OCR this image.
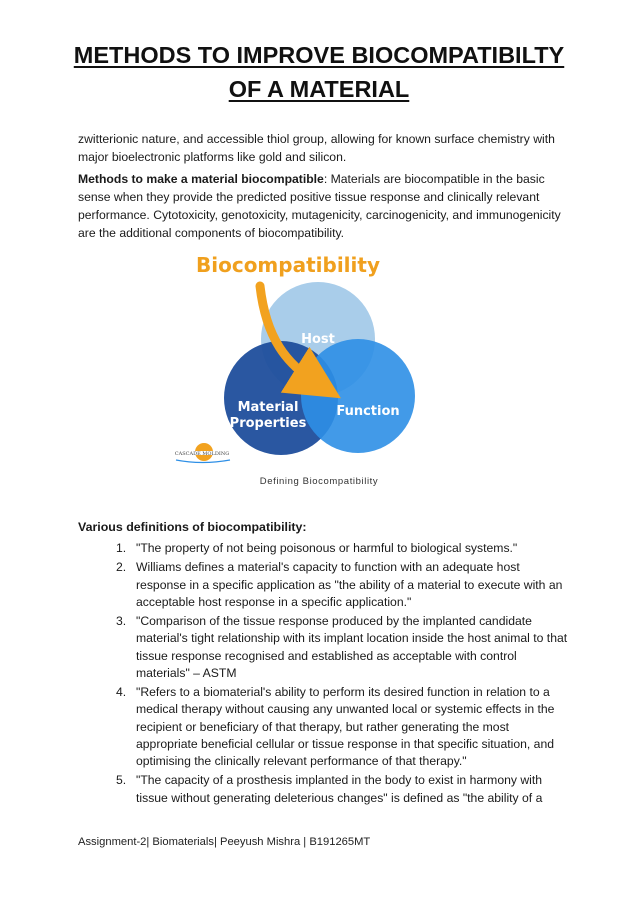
METHODS TO IMPROVE BIOCOMPATIBILTY
OF A MATERIAL

zwitterionic nature, and accessible thiol group, allowing for known surface chemistry with major bioelectronic platforms like gold and silicon.

Methods to make a material biocompatible: Materials are biocompatible in the basic sense when they provide the predicted positive tissue response and clinically relevant performance. Cytotoxicity, genotoxicity, mutagenicity, carcinogenicity, and immunogenicity are the additional components of biocompatibility.

Biocompatibility
Host
Material
Properties
Function
CASCADE MOLDING
Defining Biocompatibility
Various definitions of biocompatibility:
1. "The property of not being poisonous or harmful to biological systems."
2. Williams defines a material's capacity to function with an adequate host response in a specific application as "the ability of a material to execute with an acceptable host response in a specific application."
3. "Comparison of the tissue response produced by the implanted candidate material's tight relationship with its implant location inside the host animal to that tissue response recognised and established as acceptable with control materials" – ASTM
4. "Refers to a biomaterial's ability to perform its desired function in relation to a medical therapy without causing any unwanted local or systemic effects in the recipient or beneficiary of that therapy, but rather generating the most appropriate beneficial cellular or tissue response in that specific situation, and optimising the clinically relevant performance of that therapy."
5. "The capacity of a prosthesis implanted in the body to exist in harmony with tissue without generating deleterious changes" is defined as "the ability of a
Assignment-2| Biomaterials| Peeyush Mishra | B191265MT
